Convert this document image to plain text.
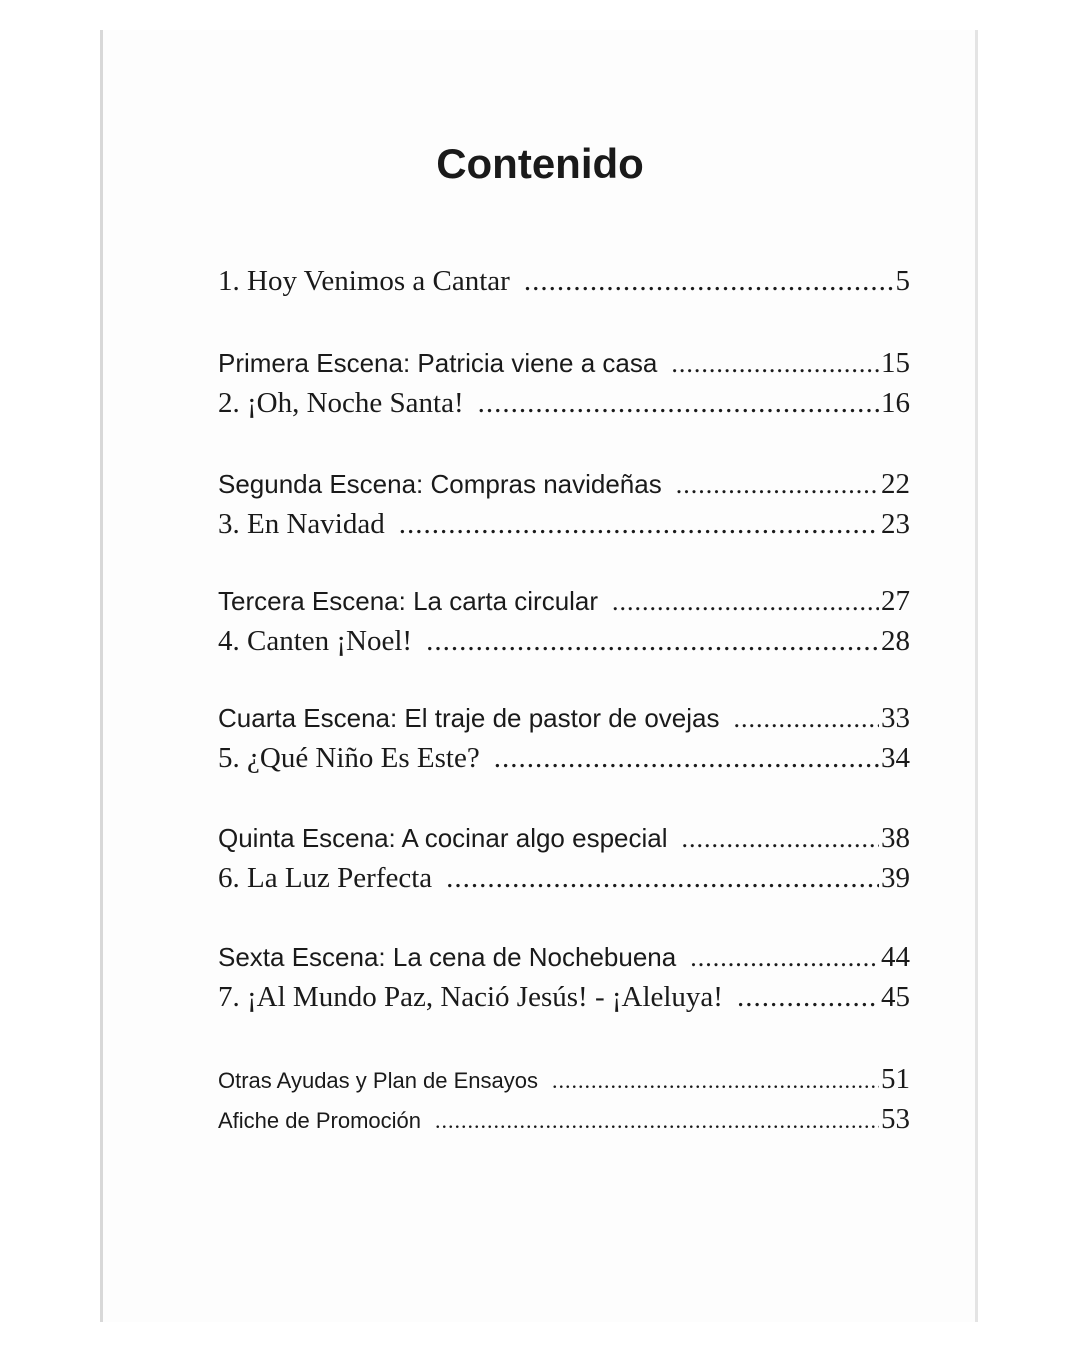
Contenido
1. Hoy Venimos a Cantar .....	5
Primera Escena: Patricia viene a casa .....	15
2. ¡Oh, Noche Santa! .....	16
Segunda Escena: Compras navideñas .....	22
3. En Navidad .....	23
Tercera Escena: La carta circular .....	27
4. Canten ¡Noel! .....	28
Cuarta Escena: El traje de pastor de ovejas .....	33
5. ¿Qué Niño Es Este? .....	34
Quinta Escena: A cocinar algo especial .....	38
6. La Luz Perfecta .....	39
Sexta Escena: La cena de Nochebuena .....	44
7. ¡Al Mundo Paz, Nació Jesús! - ¡Aleluya! .....	45
Otras Ayudas y Plan de Ensayos .....	51
Afiche de Promoción .....	53
